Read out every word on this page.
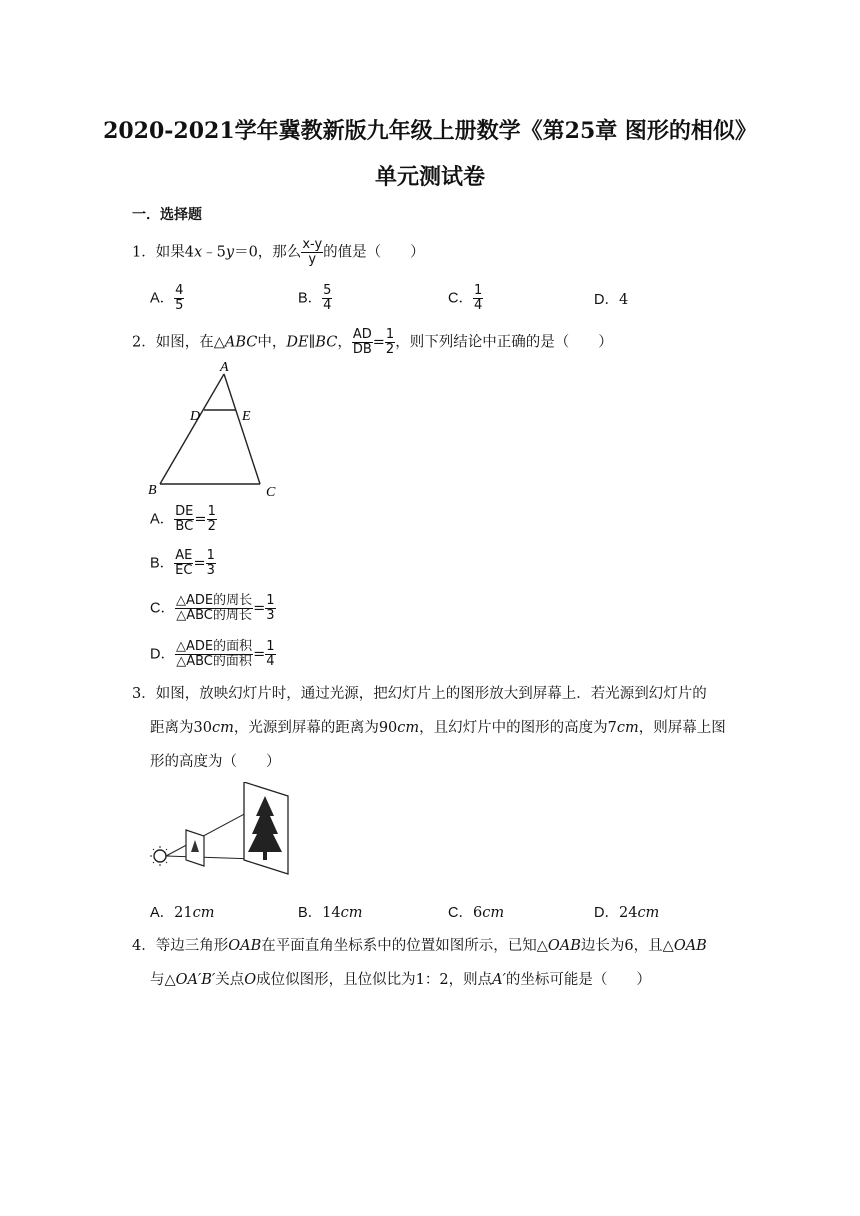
2020-2021学年冀教新版九年级上册数学《第25章 图形的相似》
单元测试卷
一．选择题
1．如果4x﹣5y＝0，那么 $\frac{x-y}{y}$ 的值是（　　）
A． $\frac{4}{5}$	B． $\frac{5}{4}$	C． $\frac{1}{4}$	D．4
2．如图，在△ABC中，DE∥BC， $\frac{AD}{DB} = \frac{1}{2}$ ，则下列结论中正确的是（　　）
A
D	E
B	C
A． $\frac{DE}{BC} = \frac{1}{2}$
B． $\frac{AE}{EC} = \frac{1}{3}$
C． $\frac{\text{△ADE的周长}}{\text{△ABC的周长}} = \frac{1}{3}$
D． $\frac{\text{△ADE的面积}}{\text{△ABC的面积}} = \frac{1}{4}$
3．如图，放映幻灯片时，通过光源，把幻灯片上的图形放大到屏幕上．若光源到幻灯片的
距离为30cm，光源到屏幕的距离为90cm，且幻灯片中的图形的高度为7cm，则屏幕上图
形的高度为（　　）
A．21cm	B．14cm	C．6cm	D．24cm
4．等边三角形OAB在平面直角坐标系中的位置如图所示，已知△OAB边长为6，且△OAB
与△OA′B′关点O成位似图形，且位似比为1：2，则点A′的坐标可能是（　　）
